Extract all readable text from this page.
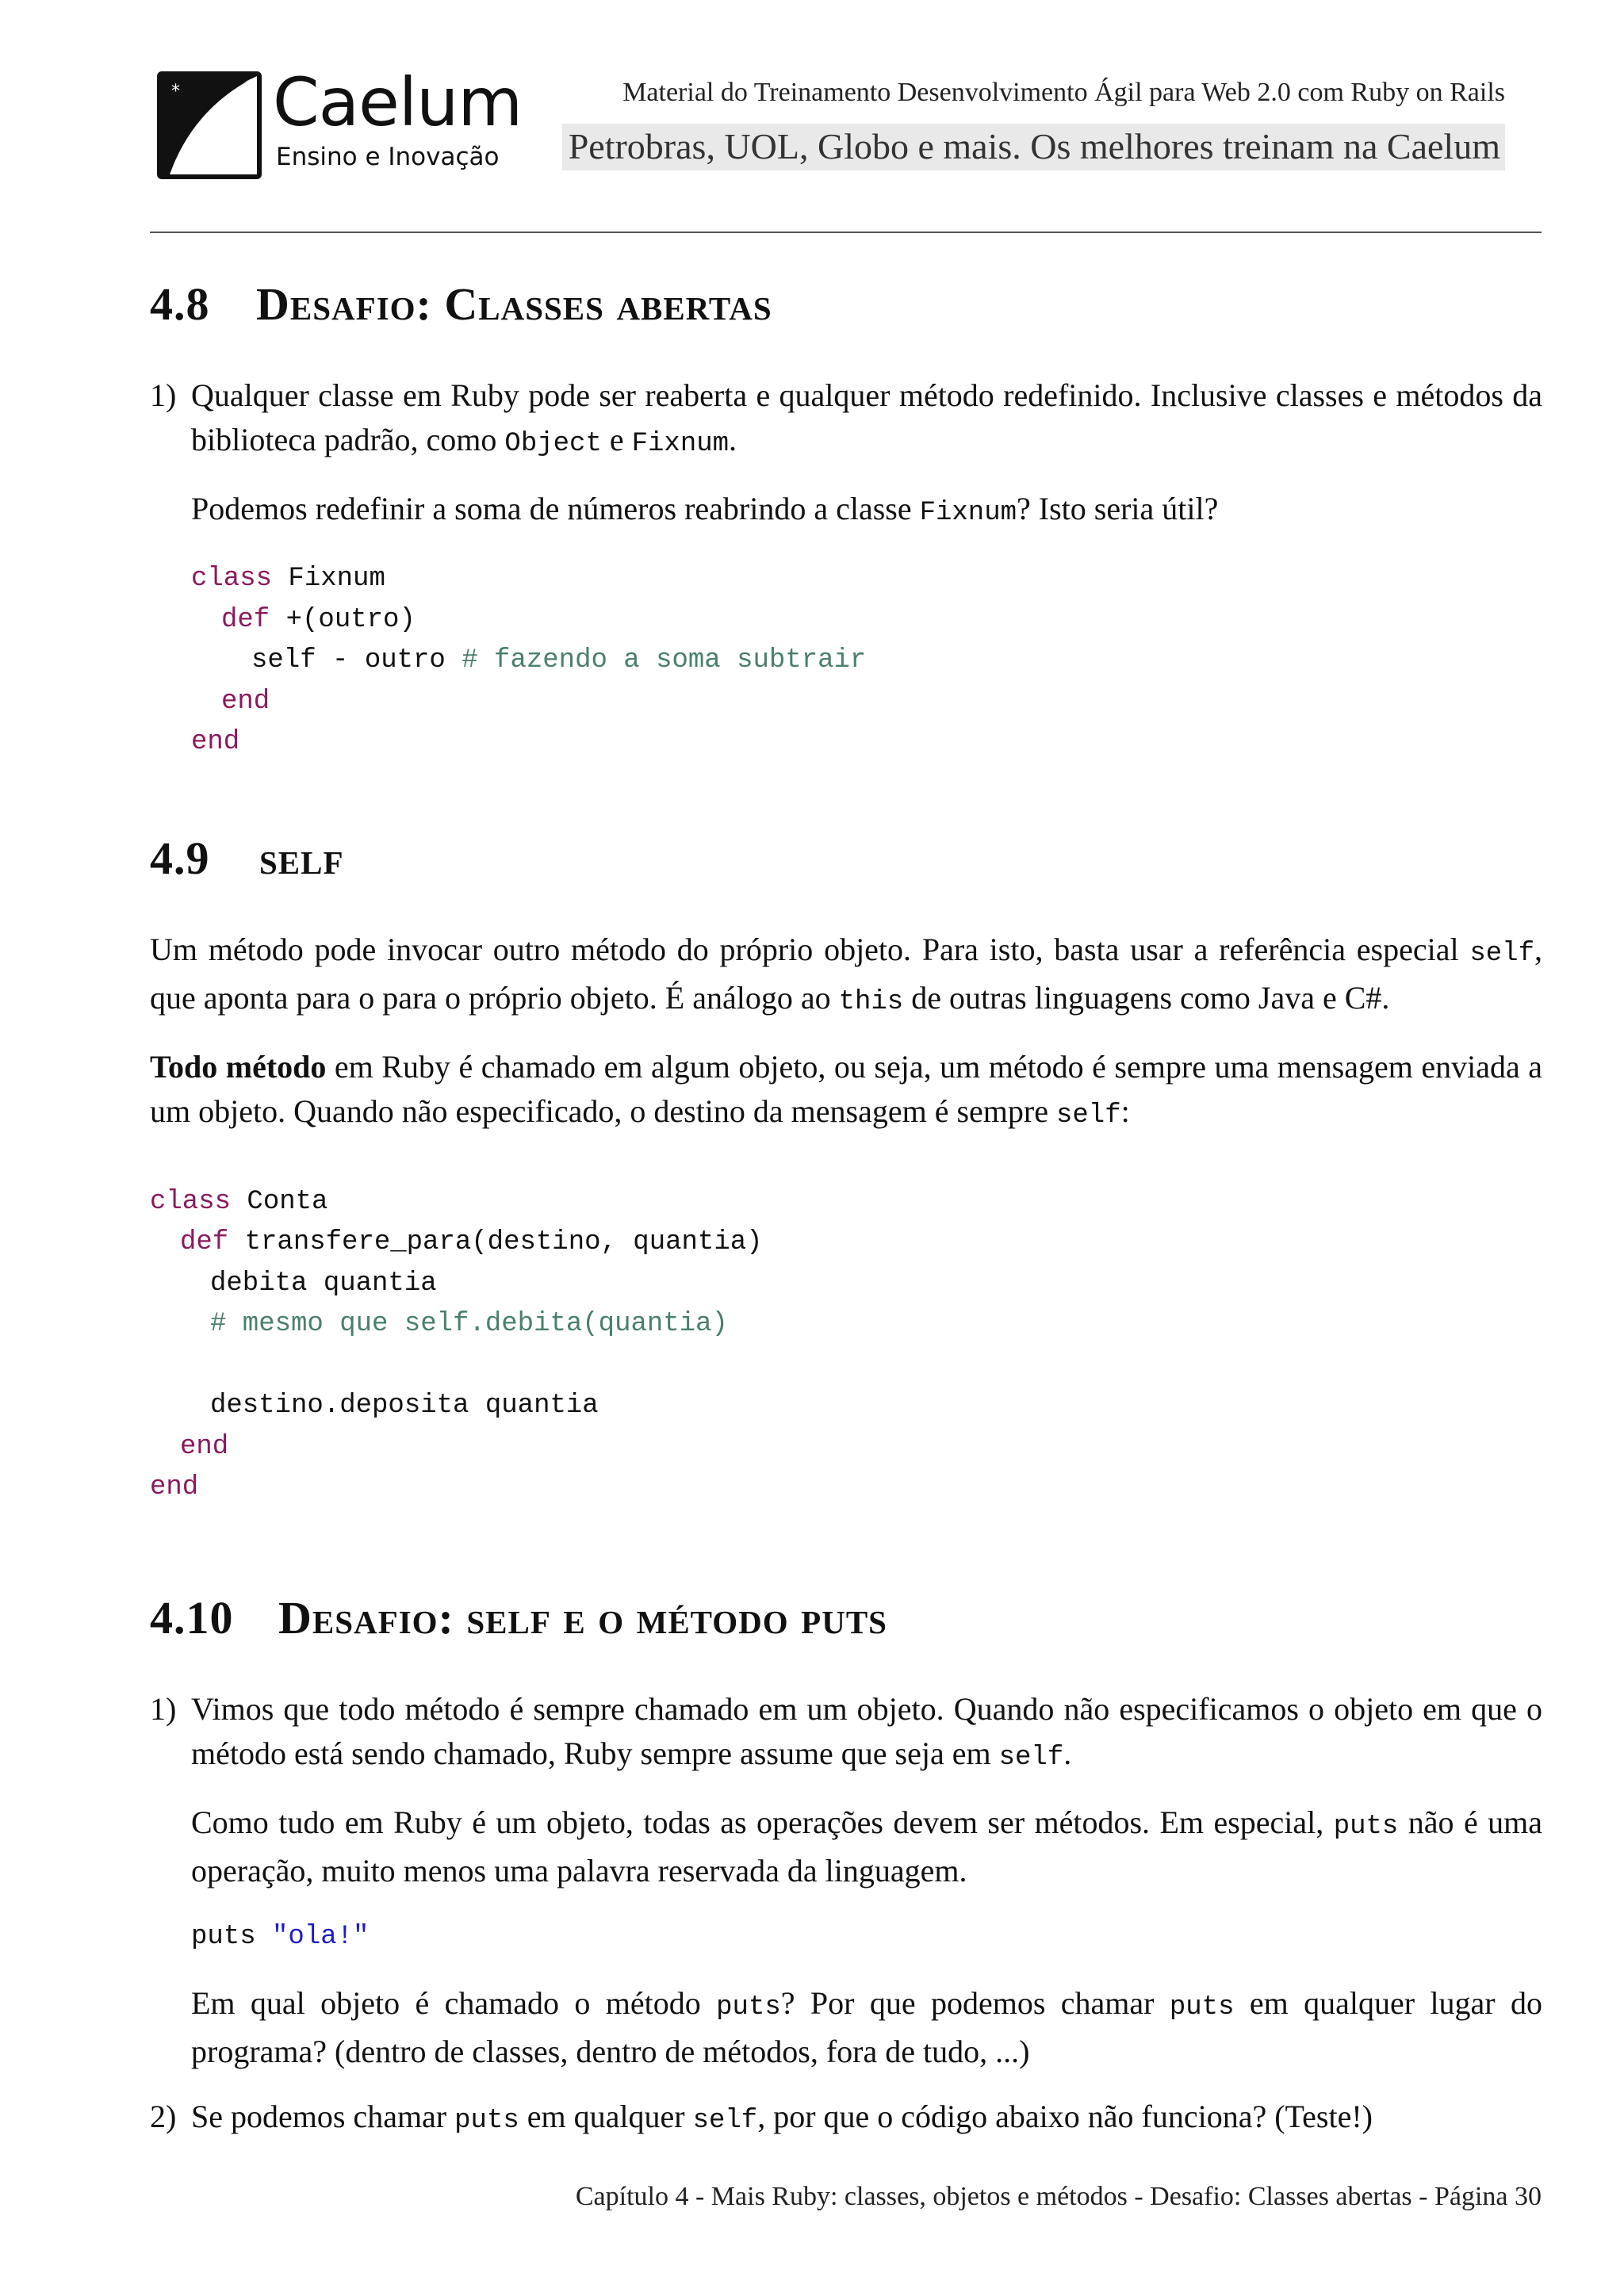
* Caelum
Ensino e Inovação
Material do Treinamento Desenvolvimento Ágil para Web 2.0 com Ruby on Rails
Petrobras, UOL, Globo e mais. Os melhores treinam na Caelum
4.8	Desafio: Classes abertas
1) Qualquer classe em Ruby pode ser reaberta e qualquer método redefinido. Inclusive classes e métodos da biblioteca padrão, como Object e Fixnum.

Podemos redefinir a soma de números reabrindo a classe Fixnum? Isto seria útil?

class Fixnum
def +(outro)
self - outro # fazendo a soma subtrair
end
end
4.9	self

Um método pode invocar outro método do próprio objeto. Para isto, basta usar a referência especial self, que aponta para o para o próprio objeto. É análogo ao this de outras linguagens como Java e C#.

Todo método em Ruby é chamado em algum objeto, ou seja, um método é sempre uma mensagem enviada a um objeto. Quando não especificado, o destino da mensagem é sempre self:

class Conta
def transfere_para(destino, quantia)
debita quantia
# mesmo que self.debita(quantia)
destino.deposita quantia
end
end
4.10 Desafio: self e o método puts
1) Vimos que todo método é sempre chamado em um objeto. Quando não especificamos o objeto em que o método está sendo chamado, Ruby sempre assume que seja em self.

Como tudo em Ruby é um objeto, todas as operações devem ser métodos. Em especial, puts não é uma operação, muito menos uma palavra reservada da linguagem.

puts "ola!"

Em qual objeto é chamado o método puts? Por que podemos chamar puts em qualquer lugar do programa? (dentro de classes, dentro de métodos, fora de tudo, ...)

2) Se podemos chamar puts em qualquer self, por que o código abaixo não funciona? (Teste!)

Capítulo 4 - Mais Ruby: classes, objetos e métodos - Desafio: Classes abertas - Página 30
